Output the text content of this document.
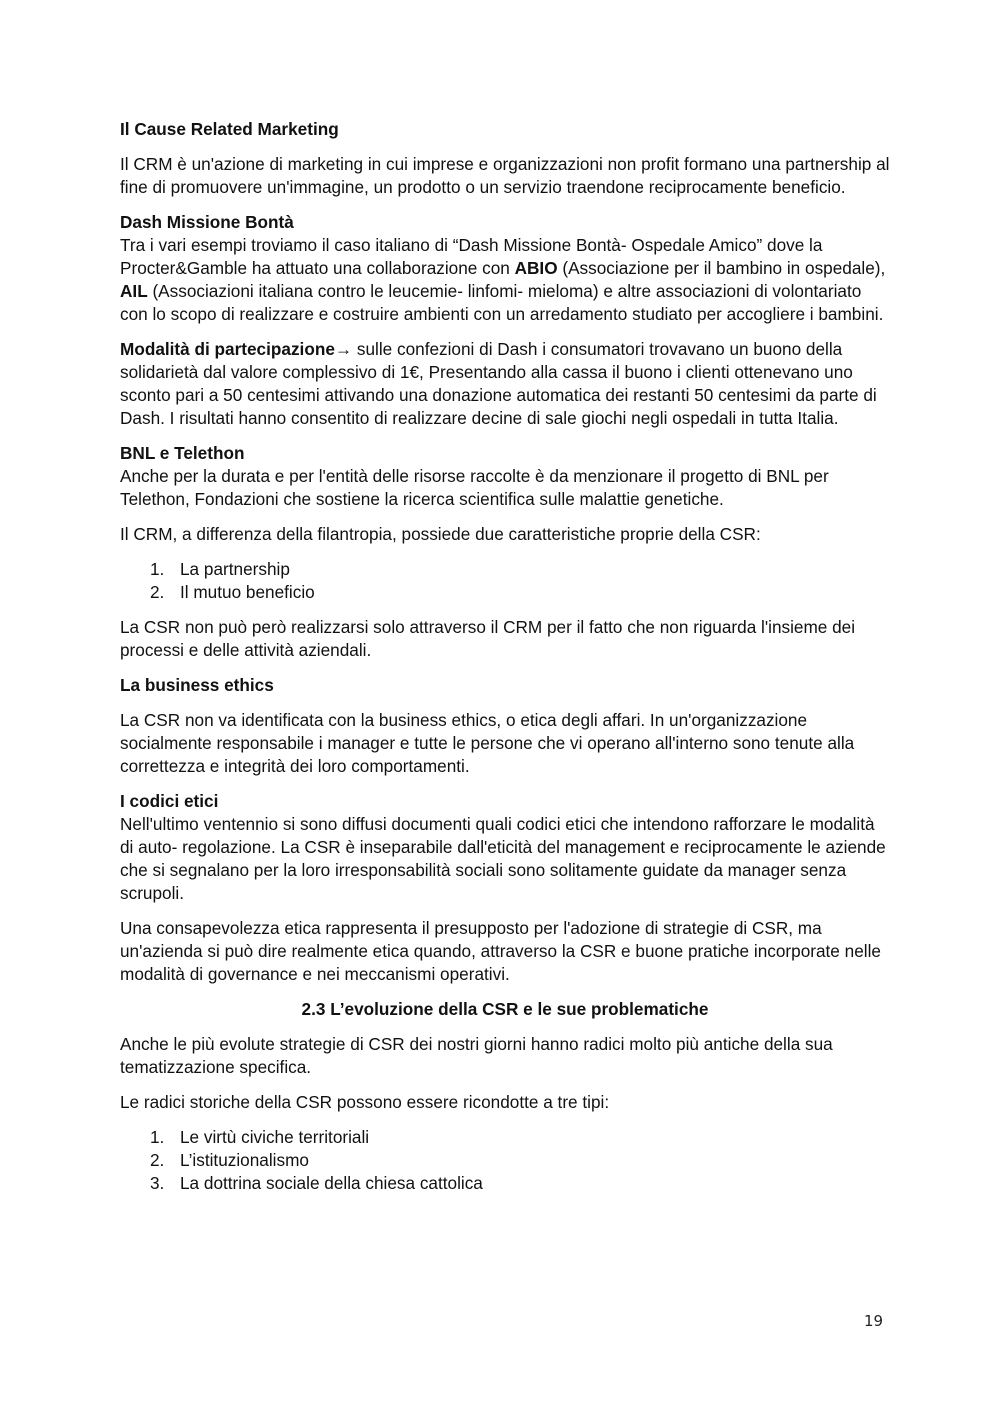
Il Cause Related Marketing

Il CRM è un'azione di marketing in cui imprese e organizzazioni non profit formano una partnership al fine di promuovere un'immagine, un prodotto o un servizio traendone reciprocamente beneficio.

Dash Missione Bontà

Tra i vari esempi troviamo il caso italiano di “Dash Missione Bontà- Ospedale Amico” dove la Procter&Gamble ha attuato una collaborazione con ABIO (Associazione per il bambino in ospedale), AIL (Associazioni italiana contro le leucemie- linfomi- mieloma) e altre associazioni di volontariato con lo scopo di realizzare e costruire ambienti con un arredamento studiato per accogliere i bambini.

Modalità di partecipazione→ sulle confezioni di Dash i consumatori trovavano un buono della solidarietà dal valore complessivo di 1€, Presentando alla cassa il buono i clienti ottenevano uno sconto pari a 50 centesimi attivando una donazione automatica dei restanti 50 centesimi da parte di Dash. I risultati hanno consentito di realizzare decine di sale giochi negli ospedali in tutta Italia.

BNL e Telethon

Anche per la durata e per l'entità delle risorse raccolte è da menzionare il progetto di BNL per Telethon, Fondazioni che sostiene la ricerca scientifica sulle malattie genetiche.

Il CRM, a differenza della filantropia, possiede due caratteristiche proprie della CSR:

1. La partnership
2. Il mutuo beneficio

La CSR non può però realizzarsi solo attraverso il CRM per il fatto che non riguarda l'insieme dei processi e delle attività aziendali.

La business ethics

La CSR non va identificata con la business ethics, o etica degli affari. In un'organizzazione socialmente responsabile i manager e tutte le persone che vi operano all'interno sono tenute alla correttezza e integrità dei loro comportamenti.

I codici etici

Nell'ultimo ventennio si sono diffusi documenti quali codici etici che intendono rafforzare le modalità di auto- regolazione. La CSR è inseparabile dall'eticità del management e reciprocamente le aziende che si segnalano per la loro irresponsabilità sociali sono solitamente guidate da manager senza scrupoli.

Una consapevolezza etica rappresenta il presupposto per l'adozione di strategie di CSR, ma un'azienda si può dire realmente etica quando, attraverso la CSR e buone pratiche incorporate nelle modalità di governance e nei meccanismi operativi.

2.3 L’evoluzione della CSR e le sue problematiche

Anche le più evolute strategie di CSR dei nostri giorni hanno radici molto più antiche della sua tematizzazione specifica.

Le radici storiche della CSR possono essere ricondotte a tre tipi:

1. Le virtù civiche territoriali
2. L’istituzionalismo
3. La dottrina sociale della chiesa cattolica
19
